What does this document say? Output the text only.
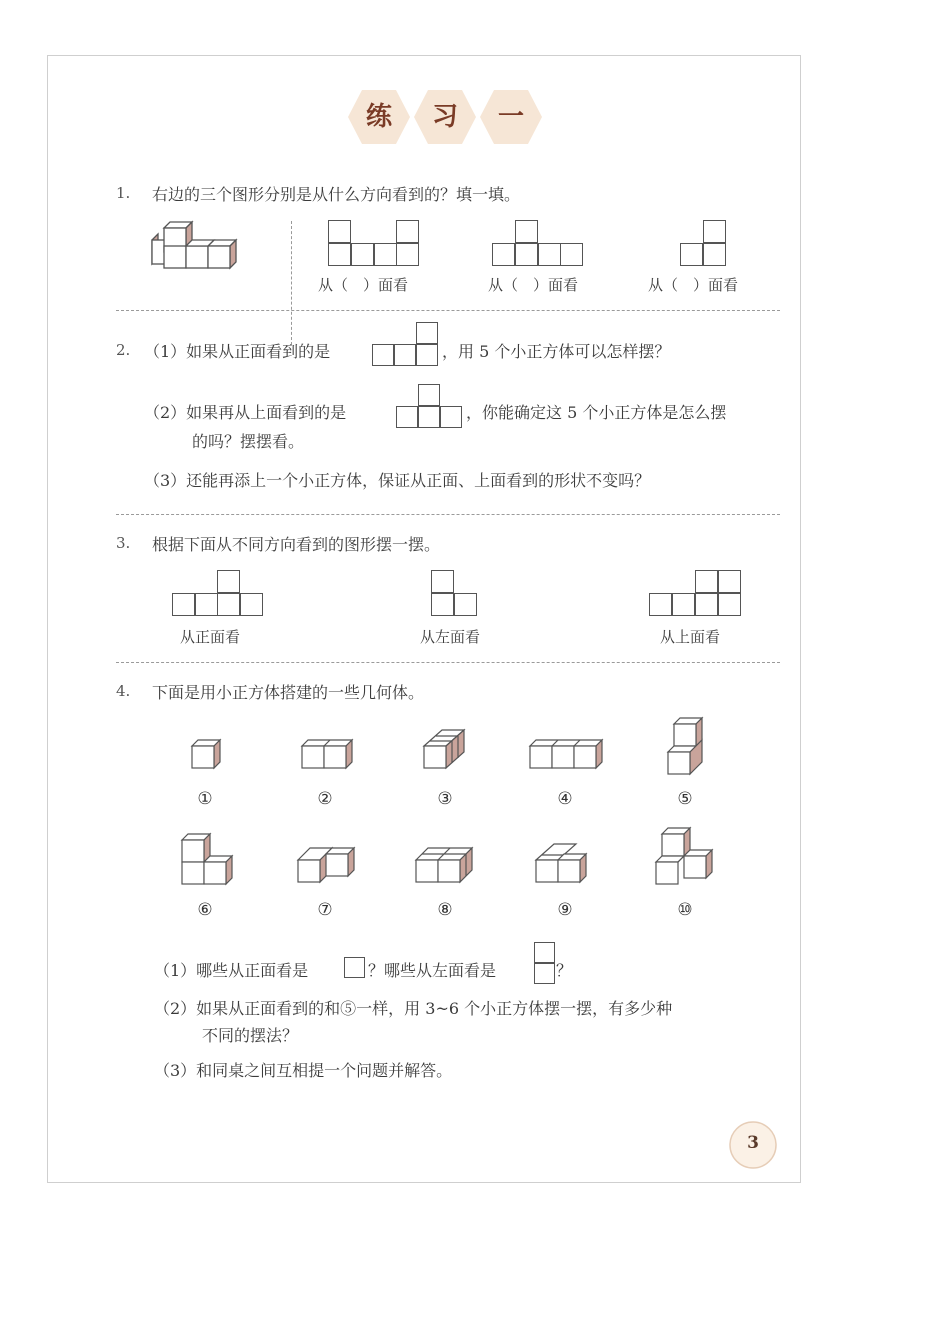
练	习	一
1. 右边的三个图形分别是从什么方向看到的？填一填。
从（　）面看	从（　）面看	从（　）面看
2. （1）如果从正面看到的是	，用 5 个小正方体可以怎样摆？
（2）如果再从上面看到的是	，你能确定这 5 个小正方体是怎么摆
的吗？摆摆看。
（3）还能再添上一个小正方体，保证从正面、上面看到的形状不变吗？
3. 根据下面从不同方向看到的图形摆一摆。
从正面看	从左面看	从上面看
4. 下面是用小正方体搭建的一些几何体。
①	②	③	④	⑤
⑥	⑦	⑧	⑨	⑩
（1）哪些从正面看是	？哪些从左面看是	？
（2）如果从正面看到的和⑤一样，用 3~6 个小正方体摆一摆，有多少种
不同的摆法？
（3）和同桌之间互相提一个问题并解答。
3
